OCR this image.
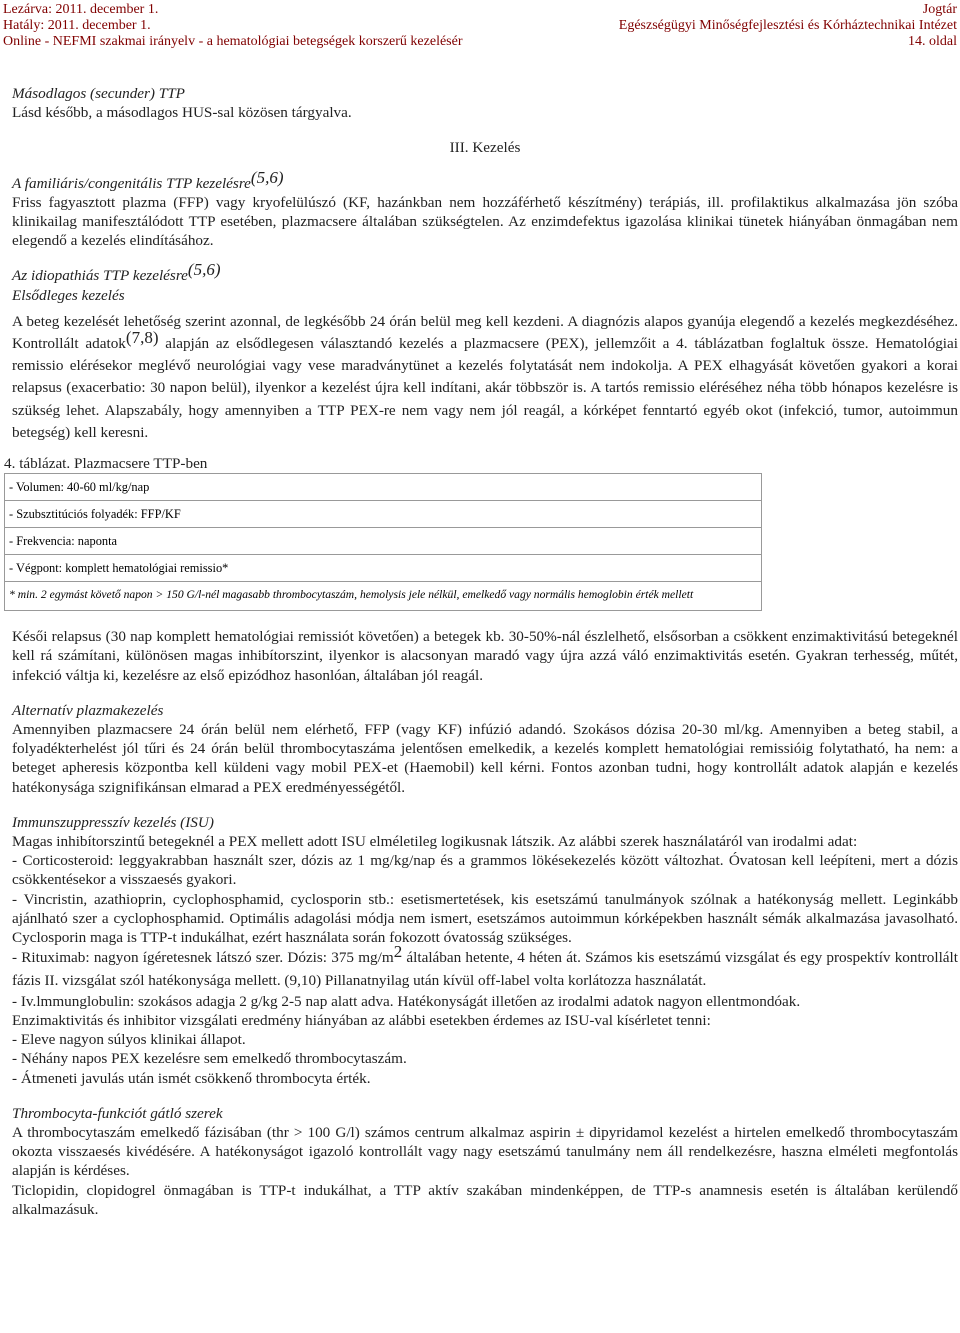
Lezárva: 2011. december 1.
Hatály: 2011. december 1.
Online - NEFMI szakmai irányelv - a hematológiai betegségek korszerű kezelésér
Jogtár
Egészségügyi Minőségfejlesztési és Kórháztechnikai Intézet
14. oldal

Másodlagos (secunder) TTP

Lásd később, a másodlagos HUS-sal közösen tárgyalva.

III. Kezelés

A familiáris/congenitális TTP kezelésre(5,6)

Friss fagyasztott plazma (FFP) vagy kryofelülúszó (KF, hazánkban nem hozzáférhető készítmény) terápiás, ill. profilaktikus alkalmazása jön szóba klinikailag manifesztálódott TTP esetében, plazmacsere általában szükségtelen. Az enzimdefektus igazolása klinikai tünetek hiányában önmagában nem elegendő a kezelés elindításához.

Az idiopathiás TTP kezelésre(5,6)

Elsődleges kezelés

A beteg kezelését lehetőség szerint azonnal, de legkésőbb 24 órán belül meg kell kezdeni. A diagnózis alapos gyanúja elegendő a kezelés megkezdéséhez. Kontrollált adatok(7,8) alapján az elsődlegesen választandó kezelés a plazmacsere (PEX), jellemzőit a 4. táblázatban foglaltuk össze. Hematológiai remissio elérésekor meglévő neurológiai vagy vese maradványtünet a kezelés folytatását nem indokolja. A PEX elhagyását követően gyakori a korai relapsus (exacerbatio: 30 napon belül), ilyenkor a kezelést újra kell indítani, akár többször is. A tartós remissio eléréséhez néha több hónapos kezelésre is szükség lehet. Alapszabály, hogy amennyiben a TTP PEX-re nem vagy nem jól reagál, a kórképet fenntartó egyéb okot (infekció, tumor, autoimmun betegség) kell keresni.

4. táblázat. Plazmacsere TTP-ben
- Volumen: 40-60 ml/kg/nap
- Szubsztitúciós folyadék: FFP/KF
- Frekvencia: naponta
- Végpont: komplett hematológiai remissio*
* min. 2 egymást követő napon > 150 G/l-nél magasabb thrombocytaszám, hemolysis jele nélkül, emelkedő vagy normális hemoglobin érték mellett

Késői relapsus (30 nap komplett hematológiai remissiót követően) a betegek kb. 30-50%-nál észlelhető, elsősorban a csökkent enzimaktivitású betegeknél kell rá számítani, különösen magas inhibítorszint, ilyenkor is alacsonyan maradó vagy újra azzá váló enzimaktivitás esetén. Gyakran terhesség, műtét, infekció váltja ki, kezelésre az első epizódhoz hasonlóan, általában jól reagál.

Alternatív plazmakezelés

Amennyiben plazmacsere 24 órán belül nem elérhető, FFP (vagy KF) infúzió adandó. Szokásos dózisa 20-30 ml/kg. Amennyiben a beteg stabil, a folyadékterhelést jól tűri és 24 órán belül thrombocytaszáma jelentősen emelkedik, a kezelés komplett hematológiai remissióig folytatható, ha nem: a beteget apheresis központba kell küldeni vagy mobil PEX-et (Haemobil) kell kérni. Fontos azonban tudni, hogy kontrollált adatok alapján e kezelés hatékonysága szignifikánsan elmarad a PEX eredményességétől.

Immunszuppresszív kezelés (ISU)

Magas inhibítorszintű betegeknél a PEX mellett adott ISU elméletileg logikusnak látszik. Az alábbi szerek használatáról van irodalmi adat:

- Corticosteroid: leggyakrabban használt szer, dózis az 1 mg/kg/nap és a grammos lökésekezelés között változhat. Óvatosan kell leépíteni, mert a dózis csökkentésekor a visszaesés gyakori.

- Vincristin, azathioprin, cyclophosphamid, cyclosporin stb.: esetismertetések, kis esetszámú tanulmányok szólnak a hatékonyság mellett. Leginkább ajánlható szer a cyclophosphamid. Optimális adagolási módja nem ismert, esetszámos autoimmun kórképekben használt sémák alkalmazása javasolható. Cyclosporin maga is TTP-t indukálhat, ezért használata során fokozott óvatosság szükséges.

- Rituximab: nagyon ígéretesnek látszó szer. Dózis: 375 mg/m2 általában hetente, 4 héten át. Számos kis esetszámú vizsgálat és egy prospektív kontrollált fázis II. vizsgálat szól hatékonysága mellett. (9,10) Pillanatnyilag után kívül off-label volta korlátozza használatát.

- Iv.lmmunglobulin: szokásos adagja 2 g/kg 2-5 nap alatt adva. Hatékonyságát illetően az irodalmi adatok nagyon ellentmondóak.

Enzimaktivitás és inhibitor vizsgálati eredmény hiányában az alábbi esetekben érdemes az ISU-val kísérletet tenni:

- Eleve nagyon súlyos klinikai állapot.

- Néhány napos PEX kezelésre sem emelkedő thrombocytaszám.

- Átmeneti javulás után ismét csökkenő thrombocyta érték.

Thrombocyta-funkciót gátló szerek

A thrombocytaszám emelkedő fázisában (thr > 100 G/l) számos centrum alkalmaz aspirin ± dipyridamol kezelést a hirtelen emelkedő thrombocytaszám okozta visszaesés kivédésére. A hatékonyságot igazoló kontrollált vagy nagy esetszámú tanulmány nem áll rendelkezésre, haszna elméleti megfontolás alapján is kérdéses.

Ticlopidin, clopidogrel önmagában is TTP-t indukálhat, a TTP aktív szakában mindenképpen, de TTP-s anamnesis esetén is általában kerülendő alkalmazásuk.
